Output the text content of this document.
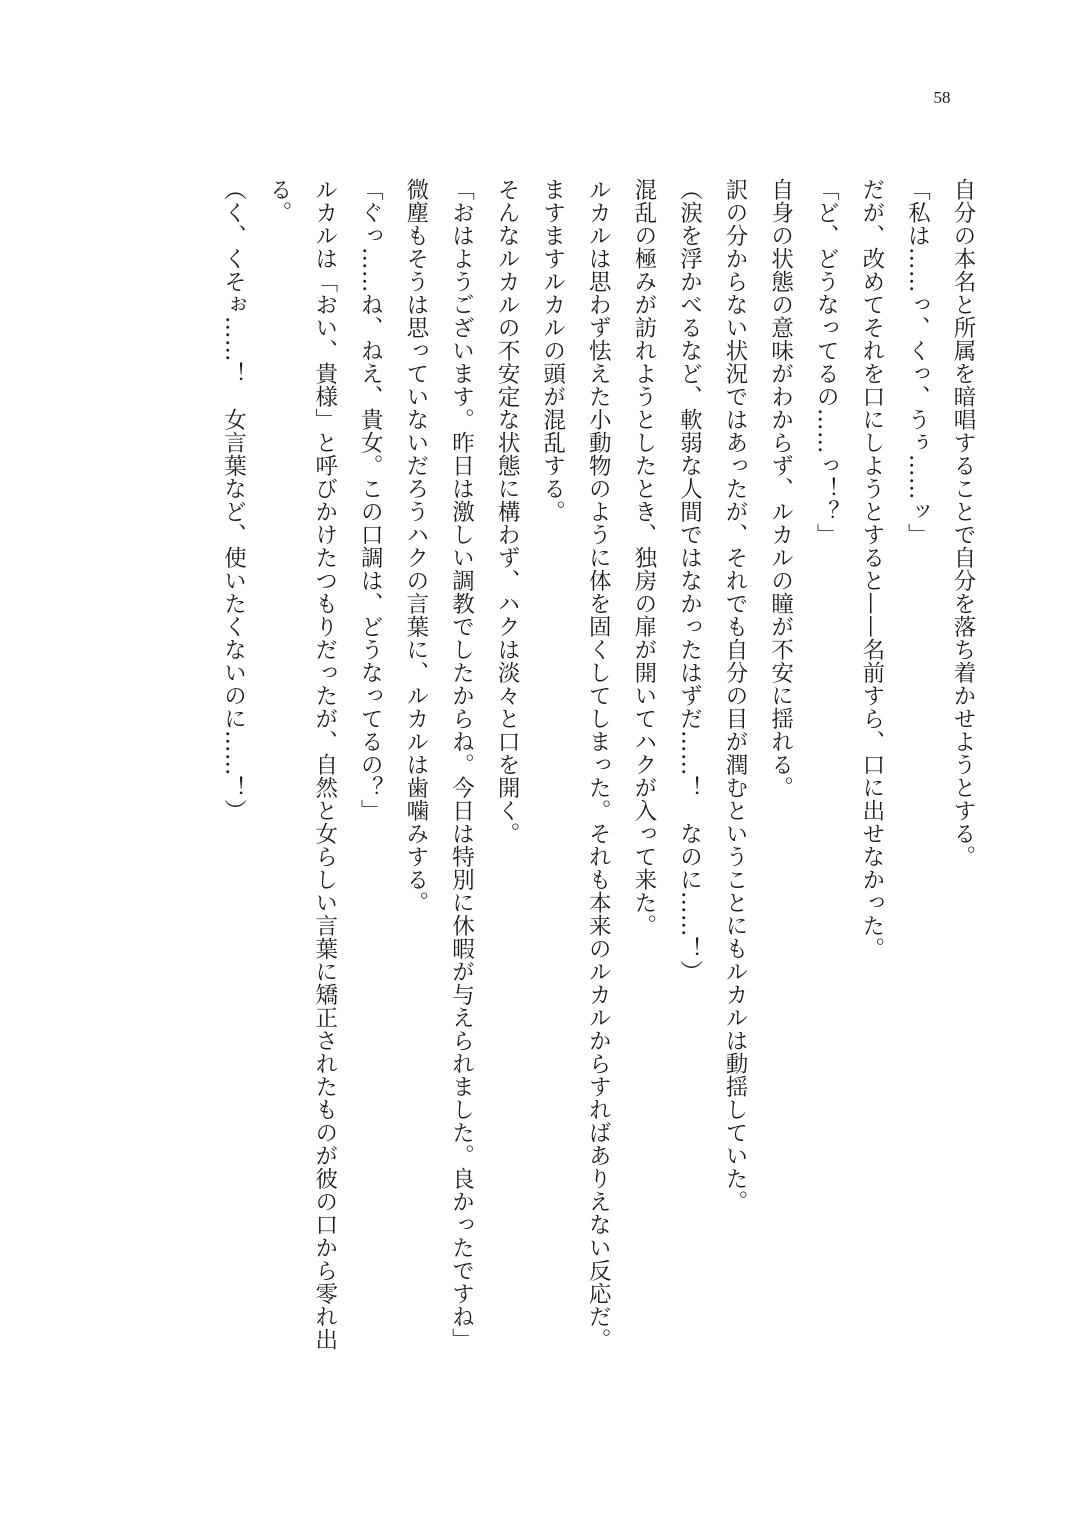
58

自分の本名と所属を暗唱することで自分を落ち着かせようとする。

「私は……っ、くっ、うぅ……ッ」

だが、改めてそれを口にしようとすると——名前すら、口に出せなかった。

「ど、どうなってるの……っ！？」

自身の状態の意味がわからず、ルカルの瞳が不安に揺れる。

訳の分からない状況ではあったが、それでも自分の目が潤むということにもルカルは動揺していた。

（涙を浮かべるなど、軟弱な人間ではなかったはずだ……！　なのに……！）

混乱の極みが訪れようとしたとき、独房の扉が開いてハクが入って来た。

ルカルは思わず怯えた小動物のように体を固くしてしまった。それも本来のルカルからすればありえない反応だ。

ますますルカルの頭が混乱する。

そんなルカルの不安定な状態に構わず、ハクは淡々と口を開く。

「おはようございます。昨日は激しい調教でしたからね。今日は特別に休暇が与えられました。良かったですね」

微塵もそうは思っていないだろうハクの言葉に、ルカルは歯噛みする。

「ぐっ……ね、ねえ、貴女。この口調は、どうなってるの？」

ルカルは「おい、貴様」と呼びかけたつもりだったが、自然と女らしい言葉に矯正されたものが彼の口から零れ出る。

（く、くそぉ……！　女言葉など、使いたくないのに……！）
